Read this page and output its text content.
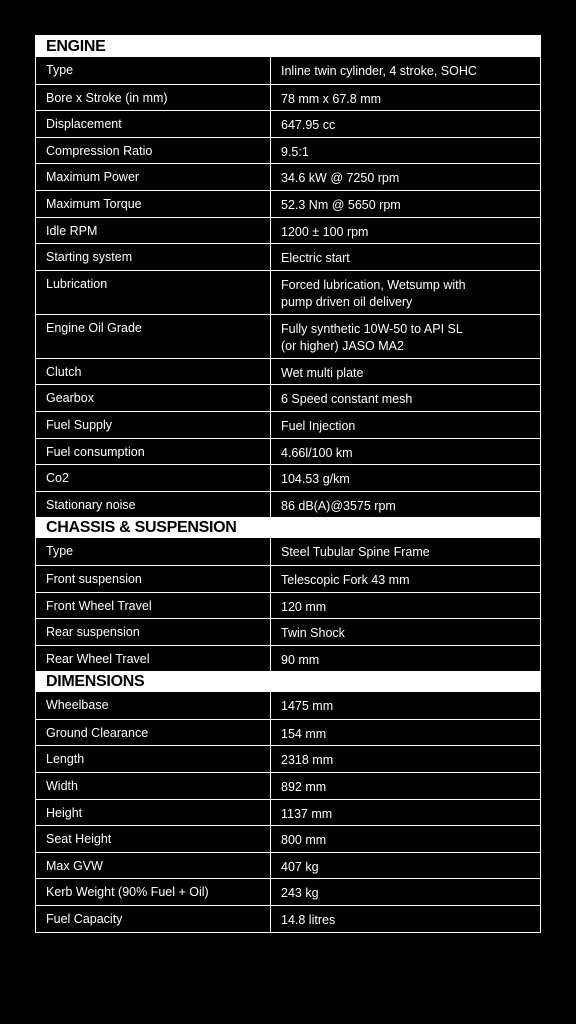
ENGINE
Type	Inline twin cylinder, 4 stroke, SOHC
Bore x Stroke (in mm)	78 mm x 67.8 mm
Displacement	647.95 cc
Compression Ratio	9.5:1
Maximum Power	34.6 kW @ 7250 rpm
Maximum Torque	52.3 Nm @ 5650 rpm
Idle RPM	1200 ± 100 rpm
Starting system	Electric start
Lubrication	Forced lubrication, Wetsump with
pump driven oil delivery
Engine Oil Grade	Fully synthetic 10W-50 to API SL
(or higher) JASO MA2
Clutch	Wet multi plate
Gearbox	6 Speed constant mesh
Fuel Supply	Fuel Injection
Fuel consumption	4.66l/100 km
Co2	104.53 g/km
Stationary noise	86 dB(A)@3575 rpm
CHASSIS & SUSPENSION
Type	Steel Tubular Spine Frame
Front suspension	Telescopic Fork 43 mm
Front Wheel Travel	120 mm
Rear suspension	Twin Shock
Rear Wheel Travel	90 mm
DIMENSIONS
Wheelbase	1475 mm
Ground Clearance	154 mm
Length	2318 mm
Width	892 mm
Height	1137 mm
Seat Height	800 mm
Max GVW	407 kg
Kerb Weight (90% Fuel + Oil)	243 kg
Fuel Capacity	14.8 litres
